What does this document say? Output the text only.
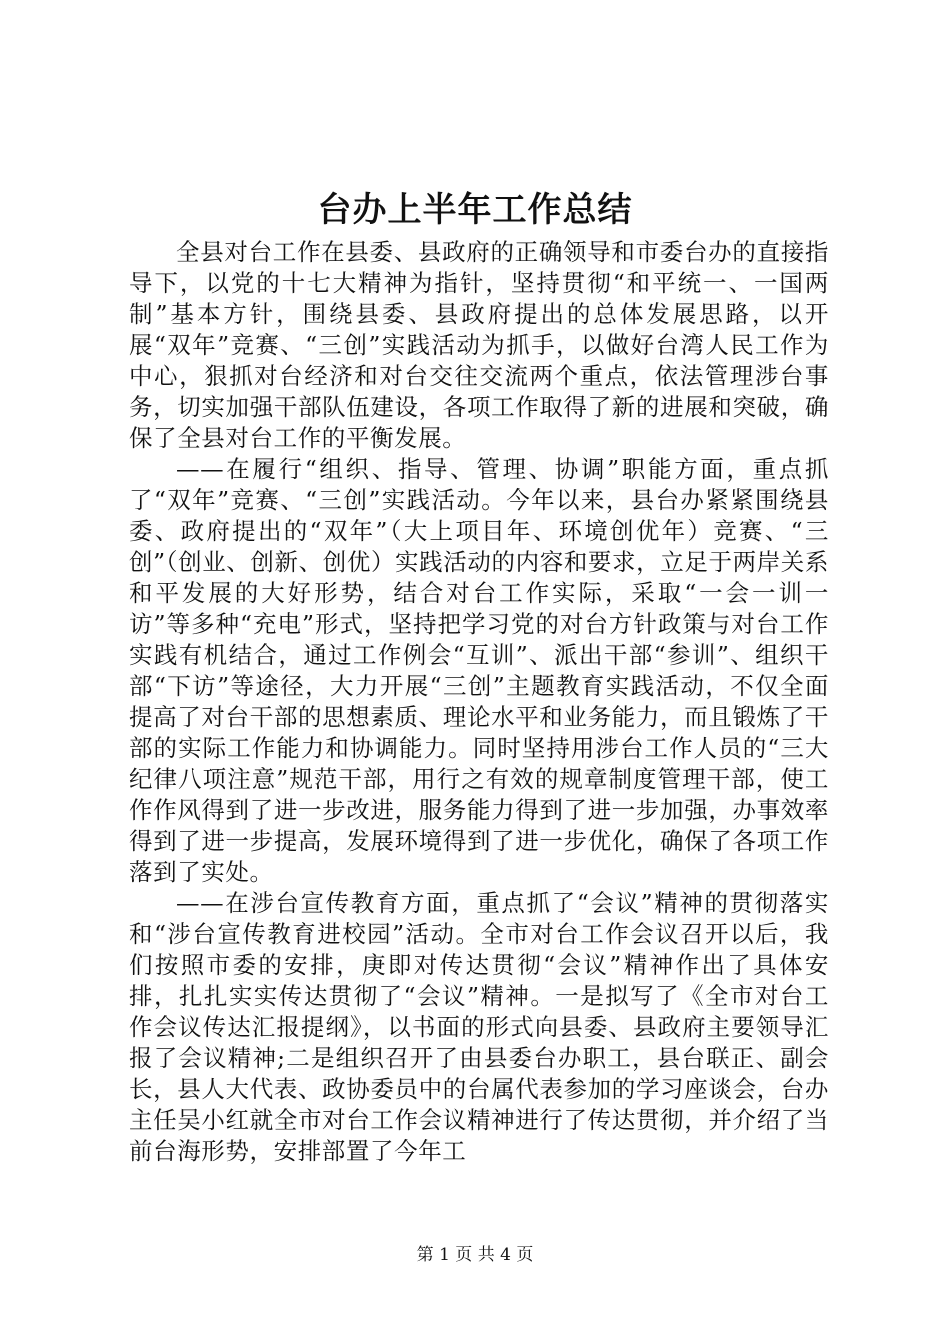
台办上半年工作总结

全县对台工作在县委、县政府的正确领导和市委台办的直接指导下，以党的十七大精神为指针，坚持贯彻“和平统一、一国两制”基本方针，围绕县委、县政府提出的总体发展思路，以开展“双年”竞赛、“三创”实践活动为抓手，以做好台湾人民工作为中心，狠抓对台经济和对台交往交流两个重点，依法管理涉台事务，切实加强干部队伍建设，各项工作取得了新的进展和突破，确保了全县对台工作的平衡发展。

——在履行“组织、指导、管理、协调”职能方面，重点抓了“双年”竞赛、“三创”实践活动。今年以来，县台办紧紧围绕县委、政府提出的“双年”（大上项目年、环境创优年）竞赛、“三创”（创业、创新、创优）实践活动的内容和要求，立足于两岸关系和平发展的大好形势，结合对台工作实际，采取“一会一训一访”等多种“充电”形式，坚持把学习党的对台方针政策与对台工作实践有机结合，通过工作例会“互训”、派出干部“参训”、组织干部“下访”等途径，大力开展“三创”主题教育实践活动，不仅全面提高了对台干部的思想素质、理论水平和业务能力，而且锻炼了干部的实际工作能力和协调能力。同时坚持用涉台工作人员的“三大纪律八项注意”规范干部，用行之有效的规章制度管理干部，使工作作风得到了进一步改进，服务能力得到了进一步加强，办事效率得到了进一步提高，发展环境得到了进一步优化，确保了各项工作落到了实处。

——在涉台宣传教育方面，重点抓了“会议”精神的贯彻落实和“涉台宣传教育进校园”活动。全市对台工作会议召开以后，我们按照市委的安排，庚即对传达贯彻“会议”精神作出了具体安排，扎扎实实传达贯彻了“会议”精神。一是拟写了《全市对台工作会议传达汇报提纲》，以书面的形式向县委、县政府主要领导汇报了会议精神;二是组织召开了由县委台办职工，县台联正、副会长，县人大代表、政协委员中的台属代表参加的学习座谈会，台办主任吴小红就全市对台工作会议精神进行了传达贯彻，并介绍了当前台海形势，安排部置了今年工

第 1 页 共 4 页
